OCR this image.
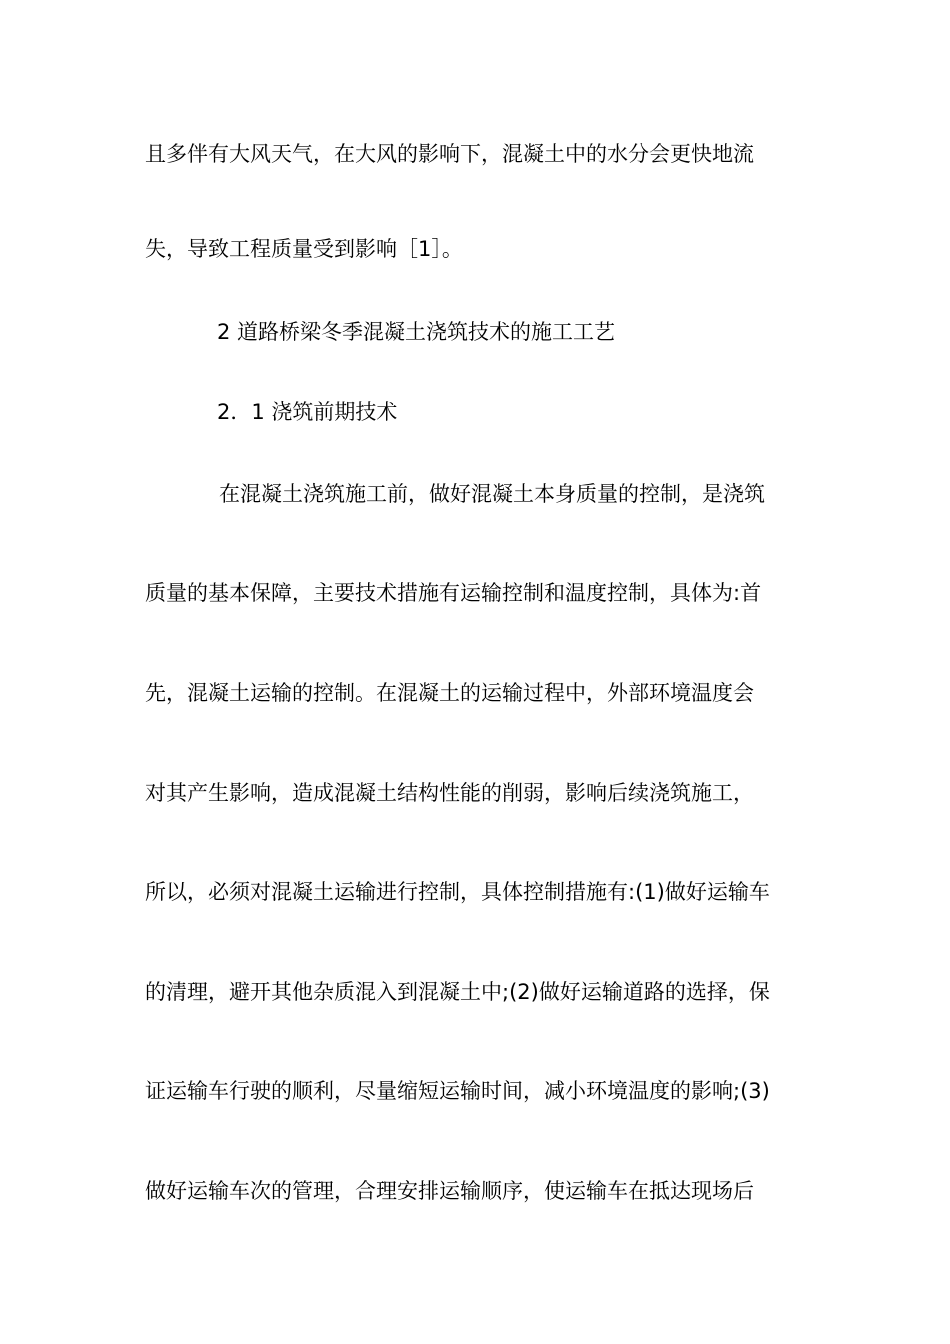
且多伴有大风天气，在大风的影响下，混凝土中的水分会更快地流
失，导致工程质量受到影响［1］。
2 道路桥梁冬季混凝土浇筑技术的施工工艺
2．1 浇筑前期技术
在混凝土浇筑施工前，做好混凝土本身质量的控制，是浇筑
质量的基本保障，主要技术措施有运输控制和温度控制，具体为:首
先，混凝土运输的控制。在混凝土的运输过程中，外部环境温度会
对其产生影响，造成混凝土结构性能的削弱，影响后续浇筑施工，
所以，必须对混凝土运输进行控制，具体控制措施有:(1)做好运输车
的清理，避开其他杂质混入到混凝土中;(2)做好运输道路的选择，保
证运输车行驶的顺利，尽量缩短运输时间，减小环境温度的影响;(3)
做好运输车次的管理，合理安排运输顺序，使运输车在抵达现场后
